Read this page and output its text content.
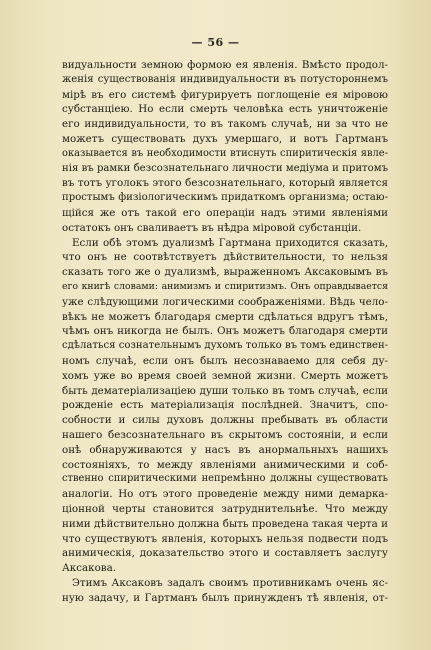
— 56 —
видуальности земною формою ея явленія. Вмѣсто продол-
женія существованія индивидуальности въ потустороннемъ
мірѣ въ его системѣ фигурируетъ поглощеніе ея міровою
субстанціею. Но если смерть человѣка есть уничтоженіе
его индивидуальности, то въ такомъ случаѣ, ни за что не
можетъ существовать духъ умершаго, и вотъ Гартманъ
оказывается въ необходимости втиснуть спиритическія явле-
нія въ рамки безсознательнаго личности медіума и притомъ
въ тотъ уголокъ этого безсознательнаго, который является
простымъ физіологическимъ придаткомъ организма; остаю-
щійся же отъ такой его операціи надъ этими явленіями
остатокъ онъ сваливаетъ въ нѣдра міровой субстанціи.
Если обѣ этомъ дуализмѣ Гартмана приходится сказать,
что онъ не соотвѣтствуетъ дѣйствительности, то нельзя
сказать того же о дуализмѣ, выраженномъ Аксаковымъ въ
его книгѣ словами: анимизмъ и спиритизмъ. Онъ оправдывается
уже слѣдующими логическими соображеніями. Вѣдь чело-
вѣкъ не можетъ благодаря смерти сдѣлаться вдругъ тѣмъ,
чѣмъ онъ никогда не былъ. Онъ можетъ благодаря смерти
сдѣлаться сознательнымъ духомъ только въ томъ единствен-
номъ случаѣ, если онъ былъ несознаваемо для себя ду-
хомъ уже во время своей земной жизни. Смерть можетъ
быть дематеріализаціею души только въ томъ случаѣ, если
рожденіе есть матеріализація послѣдней. Значитъ, спо-
собности и силы духовъ должны пребывать въ области
нашего безсознательнаго въ скрытомъ состояніи, и если
онѣ обнаруживаются у насъ въ анормальныхъ нашихъ
состояніяхъ, то между явленіями анимическими и соб-
ственно спиритическими непремѣнно должны существовать
аналогіи. Но отъ этого проведеніе между ними демарка-
ціонной черты становится затруднительнѣе. Что между
ними дѣйствительно должна быть проведена такая черта и
что существуютъ явленія, которыхъ нельзя подвести подъ
анимическія, доказательство этого и составляетъ заслугу
Аксакова.
Этимъ Аксаковъ задалъ своимъ противникамъ очень яс-
ную задачу, и Гартманъ былъ принужденъ тѣ явленія, от-
